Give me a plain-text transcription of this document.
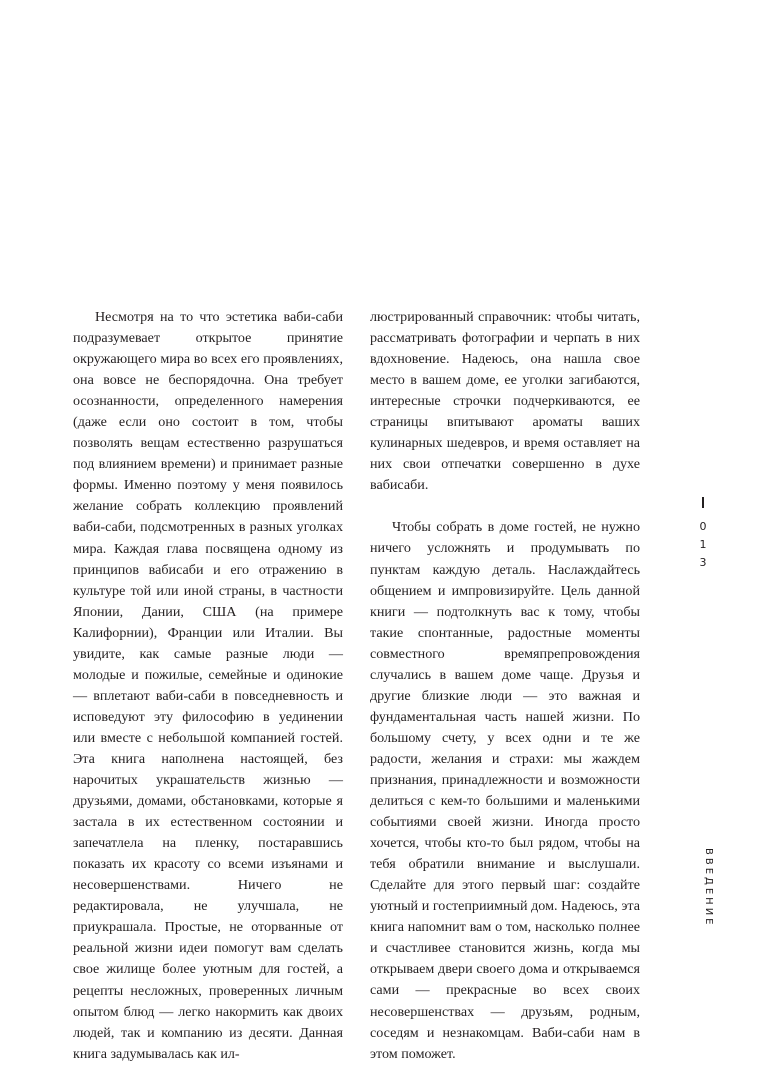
Несмотря на то что эстетика ваби-саби подразумевает открытое принятие окружающего мира во всех его проявлениях, она вовсе не беспорядочна. Она требует осознанности, определенного намерения (даже если оно состоит в том, чтобы позволять вещам естественно разрушаться под влиянием времени) и принимает разные формы. Именно поэтому у меня появилось желание собрать коллекцию проявлений ваби-саби, подсмотренных в разных уголках мира. Каждая глава посвящена одному из принципов вабисаби и его отражению в культуре той или иной страны, в частности Японии, Дании, США (на примере Калифорнии), Франции или Италии. Вы увидите, как самые разные люди — молодые и пожилые, семейные и одинокие — вплетают ваби-саби в повседневность и исповедуют эту философию в уединении или вместе с небольшой компанией гостей. Эта книга наполнена настоящей, без нарочитых украшательств жизнью — друзьями, домами, обстановками, которые я застала в их естественном состоянии и запечатлела на пленку, постаравшись показать их красоту со всеми изъянами и несовершенствами. Ничего не редактировала, не улучшала, не приукрашала. Простые, не оторванные от реальной жизни идеи помогут вам сделать свое жилище более уютным для гостей, а рецепты несложных, проверенных личным опытом блюд — легко накормить как двоих людей, так и компанию из десяти. Данная книга задумывалась как ил-

люстрированный справочник: чтобы читать, рассматривать фотографии и черпать в них вдохновение. Надеюсь, она нашла свое место в вашем доме, ее уголки загибаются, интересные строчки подчеркиваются, ее страницы впитывают ароматы ваших кулинарных шедевров, и время оставляет на них свои отпечатки совершенно в духе вабисаби.

Чтобы собрать в доме гостей, не нужно ничего усложнять и продумывать по пунктам каждую деталь. Наслаждайтесь общением и импровизируйте. Цель данной книги — подтолкнуть вас к тому, чтобы такие спонтанные, радостные моменты совместного времяпрепровождения случались в вашем доме чаще. Друзья и другие близкие люди — это важная и фундаментальная часть нашей жизни. По большому счету, у всех одни и те же радости, желания и страхи: мы жаждем признания, принадлежности и возможности делиться с кем-то большими и маленькими событиями своей жизни. Иногда просто хочется, чтобы кто-то был рядом, чтобы на тебя обратили внимание и выслушали. Сделайте для этого первый шаг: создайте уютный и гостеприимный дом. Надеюсь, эта книга напомнит вам о том, насколько полнее и счастливее становится жизнь, когда мы открываем двери своего дома и открываемся сами — прекрасные во всех своих несовершенствах — друзьям, родным, соседям и незнакомцам. Ваби-саби нам в этом поможет.

0
1
3
ВВЕДЕНИЕ
